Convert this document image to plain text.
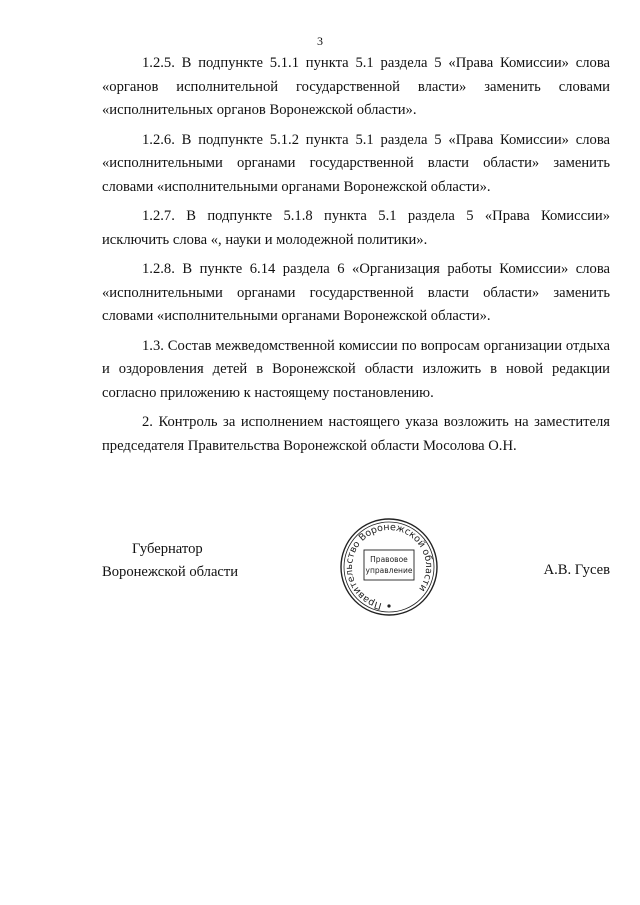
3

1.2.5. В подпункте 5.1.1 пункта 5.1 раздела 5 «Права Комиссии» слова «органов исполнительной государственной власти» заменить словами «исполнительных органов Воронежской области».

1.2.6. В подпункте 5.1.2 пункта 5.1 раздела 5 «Права Комиссии» слова «исполнительными органами государственной власти области» заменить словами «исполнительными органами Воронежской области».

1.2.7. В подпункте 5.1.8 пункта 5.1 раздела 5 «Права Комиссии» исключить слова «, науки и молодежной политики».

1.2.8. В пункте 6.14 раздела 6 «Организация работы Комиссии» слова «исполнительными органами государственной власти области» заменить словами «исполнительными органами Воронежской области».

1.3. Состав межведомственной комиссии по вопросам организации отдыха и оздоровления детей в Воронежской области изложить в новой редакции согласно приложению к настоящему постановлению.

2. Контроль за исполнением настоящего указа возложить на заместителя председателя Правительства Воронежской области Мосолова О.Н.

Губернатор
Воронежской области
Правительство Воронежской области
Правовое
управление	А.В. Гусев
